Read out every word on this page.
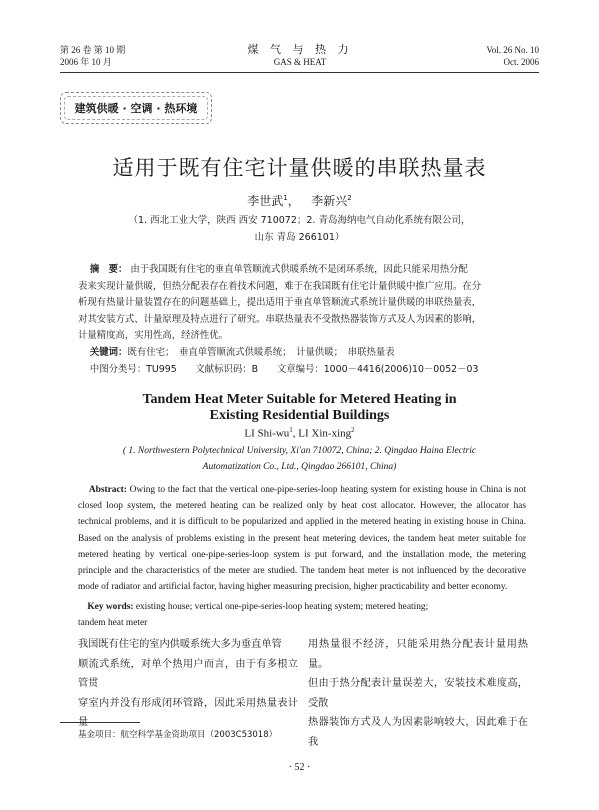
第 26 卷 第 10 期
2006 年 10 月
煤 气 与 热 力
GAS & HEAT
Vol. 26 No. 10
Oct. 2006
建筑供暖 · 空调 · 热环境
适用于既有住宅计量供暖的串联热量表
李世武$^1$， 李新兴$^2$
（1. 西北工业大学，陕西 西安 710072；2. 青岛海纳电气自动化系统有限公司，
山东 青岛 266101）
摘　要： 由于我国既有住宅的垂直单管顺流式供暖系统不是闭环系统，因此只能采用热分配
表来实现计量供暖，但热分配表存在着技术问题，难于在我国既有住宅计量供暖中推广应用。在分
析现有热量计量装置存在的问题基础上，提出适用于垂直单管顺流式系统计量供暖的串联热量表，
对其安装方式、计量原理及特点进行了研究。串联热量表不受散热器装饰方式及人为因素的影响，
计量精度高，实用性高，经济性优。
关键词：既有住宅；　垂直单管顺流式供暖系统；　计量供暖；　串联热量表
中图分类号：TU995　　文献标识码：B　　文章编号：1000－4416(2006)10－0052－03
Tandem Heat Meter Suitable for Metered Heating in
Existing Residential Buildings
LI Shi-$wu^1$, LI Xin-xing$^2$
( 1. Northwestern Polytechnical University, Xi'an 710072, China; 2. Qingdao Haina Electric
Automatization Co., Ltd., Qingdao 266101, China)
Abstract: Owing to the fact that the vertical one-pipe-series-loop heating system for existing house in China is not closed loop system, the metered heating can be realized only by heat cost allocator. However, the allocator has technical problems, and it is difficult to be popularized and applied in the metered heating in existing house in China. Based on the analysis of problems existing in the present heat metering devices, the tandem heat meter suitable for metered heating by vertical one-pipe-series-loop system is put forward, and the installation mode, the metering principle and the characteristics of the meter are studied. The tandem heat meter is not influenced by the decorative mode of radiator and artificial factor, having higher measuring precision, higher practicability and better economy.
Key words: existing house; vertical one-pipe-series-loop heating system; metered heating;
tandem heat meter
我国既有住宅的室内供暖系统大多为垂直单管
顺流式系统，对单个热用户而言，由于有多根立管贯
穿室内并没有形成闭环管路，因此采用热量表计量
用热量很不经济，只能采用热分配表计量用热量。
但由于热分配表计量误差大，安装技术难度高，受散
热器装饰方式及人为因素影响较大，因此难于在我
基金项目：航空科学基金资助项目（2003C53018）
· 52 ·
